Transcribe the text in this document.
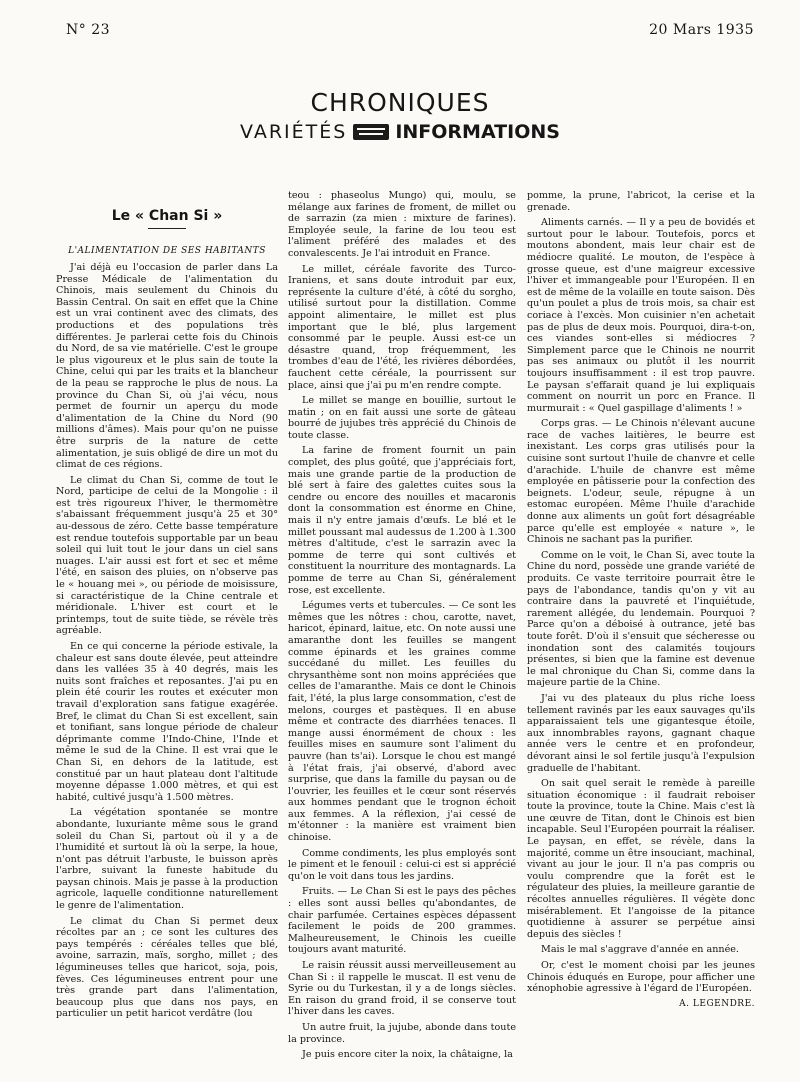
N° 23	20 Mars 1935
CHRONIQUES
VARIÉTÉS	INFORMATIONS
Le « Chan Si »
L'ALIMENTATION DE SES HABITANTS

J'ai déjà eu l'occasion de parler dans La Presse Médicale de l'alimentation du Chinois, mais seulement du Chinois du Bassin Central. On sait en effet que la Chine est un vrai continent avec des climats, des productions et des populations très différentes. Je parlerai cette fois du Chinois du Nord, de sa vie matérielle. C'est le groupe le plus vigoureux et le plus sain de toute la Chine, celui qui par les traits et la blancheur de la peau se rapproche le plus de nous. La province du Chan Si, où j'ai vécu, nous permet de fournir un aperçu du mode d'alimentation de la Chine du Nord (90 millions d'âmes). Mais pour qu'on ne puisse être surpris de la nature de cette alimentation, je suis obligé de dire un mot du climat de ces régions.

Le climat du Chan Si, comme de tout le Nord, participe de celui de la Mongolie : il est très rigoureux l'hiver, le thermomètre s'abaissant fréquemment jusqu'à 25 et 30° au-dessous de zéro. Cette basse température est rendue toutefois supportable par un beau soleil qui luit tout le jour dans un ciel sans nuages. L'air aussi est fort et sec et même l'été, en saison des pluies, on n'observe pas le « houang mei », ou période de moisissure, si caractéristique de la Chine centrale et méridionale. L'hiver est court et le printemps, tout de suite tiède, se révèle très agréable.

En ce qui concerne la période estivale, la chaleur est sans doute élevée, peut atteindre dans les vallées 35 à 40 degrés, mais les nuits sont fraîches et reposantes. J'ai pu en plein été courir les routes et exécuter mon travail d'exploration sans fatigue exagérée. Bref, le climat du Chan Si est excellent, sain et tonifiant, sans longue période de chaleur déprimante comme l'Indo-Chine, l'Inde et même le sud de la Chine. Il est vrai que le Chan Si, en dehors de la latitude, est constitué par un haut plateau dont l'altitude moyenne dépasse 1.000 mètres, et qui est habité, cultivé jusqu'à 1.500 mètres.

La végétation spontanée se montre abondante, luxuriante même sous le grand soleil du Chan Si, partout où il y a de l'humidité et surtout là où la serpe, la houe, n'ont pas détruit l'arbuste, le buisson après l'arbre, suivant la funeste habitude du paysan chinois. Mais je passe à la production agricole, laquelle conditionne naturellement le genre de l'alimentation.

Le climat du Chan Si permet deux récoltes par an ; ce sont les cultures des pays tempérés : céréales telles que blé, avoine, sarrazin, maïs, sorgho, millet ; des légumineuses telles que haricot, soja, pois, fèves. Ces légumineuses entrent pour une très grande part dans l'alimentation, beaucoup plus que dans nos pays, en particulier un petit haricot verdâtre (lou

teou : phaseolus Mungo) qui, moulu, se mélange aux farines de froment, de millet ou de sarrazin (za mien : mixture de farines). Employée seule, la farine de lou teou est l'aliment préféré des malades et des convalescents. Je l'ai introduit en France.

Le millet, céréale favorite des Turco-Iraniens, et sans doute introduit par eux, représente la culture d'été, à côté du sorgho, utilisé surtout pour la distillation. Comme appoint alimentaire, le millet est plus important que le blé, plus largement consommé par le peuple. Aussi est-ce un désastre quand, trop fréquemment, les trombes d'eau de l'été, les rivières débordées, fauchent cette céréale, la pourrissent sur place, ainsi que j'ai pu m'en rendre compte.

Le millet se mange en bouillie, surtout le matin ; on en fait aussi une sorte de gâteau bourré de jujubes très apprécié du Chinois de toute classe.

La farine de froment fournit un pain complet, des plus goûté, que j'appréciais fort, mais une grande partie de la production de blé sert à faire des galettes cuites sous la cendre ou encore des nouilles et macaronis dont la consommation est énorme en Chine, mais il n'y entre jamais d'œufs. Le blé et le millet poussant mal audessus de 1.200 à 1.300 mètres d'altitude, c'est le sarrazin avec la pomme de terre qui sont cultivés et constituent la nourriture des montagnards. La pomme de terre au Chan Si, généralement rose, est excellente.

Légumes verts et tubercules. — Ce sont les mêmes que les nôtres : chou, carotte, navet, haricot, épinard, laitue, etc. On note aussi une amaranthe dont les feuilles se mangent comme épinards et les graines comme succédané du millet. Les feuilles du chrysanthème sont non moins appréciées que celles de l'amaranthe. Mais ce dont le Chinois fait, l'été, la plus large consommation, c'est de melons, courges et pastèques. Il en abuse même et contracte des diarrhées tenaces. Il mange aussi énormément de choux : les feuilles mises en saumure sont l'aliment du pauvre (han ts'ai). Lorsque le chou est mangé à l'état frais, j'ai observé, d'abord avec surprise, que dans la famille du paysan ou de l'ouvrier, les feuilles et le cœur sont réservés aux hommes pendant que le trognon échoit aux femmes. A la réflexion, j'ai cessé de m'étonner : la manière est vraiment bien chinoise.

Comme condiments, les plus employés sont le piment et le fenouil : celui-ci est si apprécié qu'on le voit dans tous les jardins.

Fruits. — Le Chan Si est le pays des pêches : elles sont aussi belles qu'abondantes, de chair parfumée. Certaines espèces dépassent facilement le poids de 200 grammes. Malheureusement, le Chinois les cueille toujours avant maturité.

Le raisin réussit aussi merveilleusement au Chan Si : il rappelle le muscat. Il est venu de Syrie ou du Turkestan, il y a de longs siècles. En raison du grand froid, il se conserve tout l'hiver dans les caves.

Un autre fruit, la jujube, abonde dans toute la province.

Je puis encore citer la noix, la châtaigne, la

pomme, la prune, l'abricot, la cerise et la grenade.

Aliments carnés. — Il y a peu de bovidés et surtout pour le labour. Toutefois, porcs et moutons abondent, mais leur chair est de médiocre qualité. Le mouton, de l'espèce à grosse queue, est d'une maigreur excessive l'hiver et immangeable pour l'Européen. Il en est de même de la volaille en toute saison. Dès qu'un poulet a plus de trois mois, sa chair est coriace à l'excès. Mon cuisinier n'en achetait pas de plus de deux mois. Pourquoi, dira-t-on, ces viandes sont-elles si médiocres ? Simplement parce que le Chinois ne nourrit pas ses animaux ou plutôt il les nourrit toujours insuffisamment : il est trop pauvre. Le paysan s'effarait quand je lui expliquais comment on nourrit un porc en France. Il murmurait : « Quel gaspillage d'aliments ! »

Corps gras. — Le Chinois n'élevant aucune race de vaches laitières, le beurre est inexistant. Les corps gras utilisés pour la cuisine sont surtout l'huile de chanvre et celle d'arachide. L'huile de chanvre est même employée en pâtisserie pour la confection des beignets. L'odeur, seule, répugne à un estomac européen. Même l'huile d'arachide donne aux aliments un goût fort désagréable parce qu'elle est employée « nature », le Chinois ne sachant pas la purifier.

Comme on le voit, le Chan Si, avec toute la Chine du nord, possède une grande variété de produits. Ce vaste territoire pourrait être le pays de l'abondance, tandis qu'on y vit au contraire dans la pauvreté et l'inquiétude, rarement allégée, du lendemain. Pourquoi ? Parce qu'on a déboisé à outrance, jeté bas toute forêt. D'où il s'ensuit que sécheresse ou inondation sont des calamités toujours présentes, si bien que la famine est devenue le mal chronique du Chan Si, comme dans la majeure partie de la Chine.

J'ai vu des plateaux du plus riche loess tellement ravinés par les eaux sauvages qu'ils apparaissaient tels une gigantesque étoile, aux innombrables rayons, gagnant chaque année vers le centre et en profondeur, dévorant ainsi le sol fertile jusqu'à l'expulsion graduelle de l'habitant.

On sait quel serait le remède à pareille situation économique : il faudrait reboiser toute la province, toute la Chine. Mais c'est là une œuvre de Titan, dont le Chinois est bien incapable. Seul l'Européen pourrait la réaliser. Le paysan, en effet, se révèle, dans la majorité, comme un être insouciant, machinal, vivant au jour le jour. Il n'a pas compris ou voulu comprendre que la forêt est le régulateur des pluies, la meilleure garantie de récoltes annuelles régulières. Il végète donc misérablement. Et l'angoisse de la pitance quotidienne à assurer se perpétue ainsi depuis des siècles !

Mais le mal s'aggrave d'année en année.

Or, c'est le moment choisi par les jeunes Chinois éduqués en Europe, pour afficher une xénophobie agressive à l'égard de l'Européen.

A. LEGENDRE.
